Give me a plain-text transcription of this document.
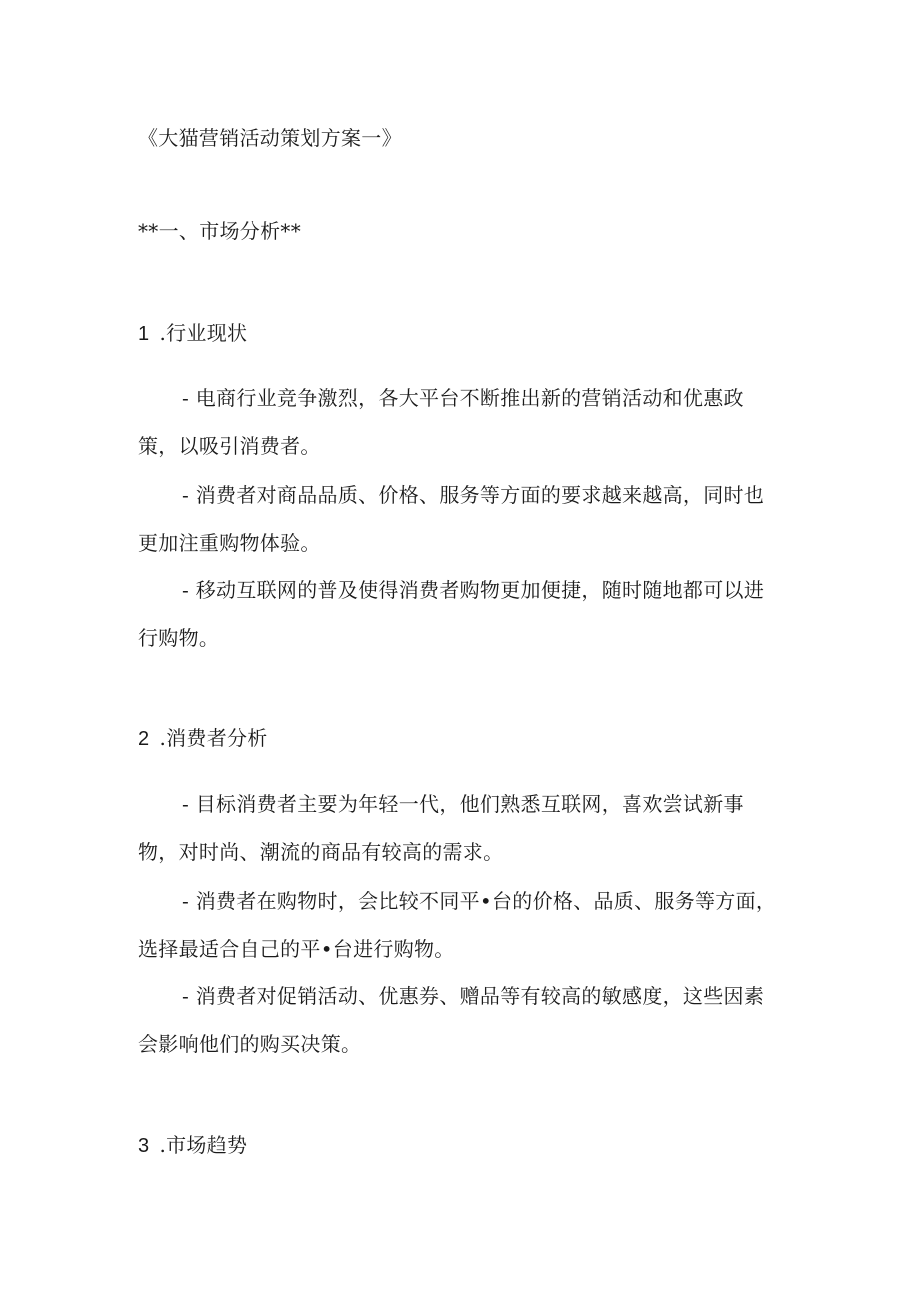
《大猫营销活动策划方案一》
**一、市场分析**
1 .行业现状
- 电商行业竞争激烈，各大平台不断推出新的营销活动和优惠政策，以吸引消费者。
- 消费者对商品品质、价格、服务等方面的要求越来越高，同时也更加注重购物体验。
- 移动互联网的普及使得消费者购物更加便捷，随时随地都可以进行购物。
2 .消费者分析
- 目标消费者主要为年轻一代，他们熟悉互联网，喜欢尝试新事物，对时尚、潮流的商品有较高的需求。
- 消费者在购物时，会比较不同平•台的价格、品质、服务等方面，选择最适合自己的平•台进行购物。
- 消费者对促销活动、优惠券、赠品等有较高的敏感度，这些因素会影响他们的购买决策。
3 .市场趋势
